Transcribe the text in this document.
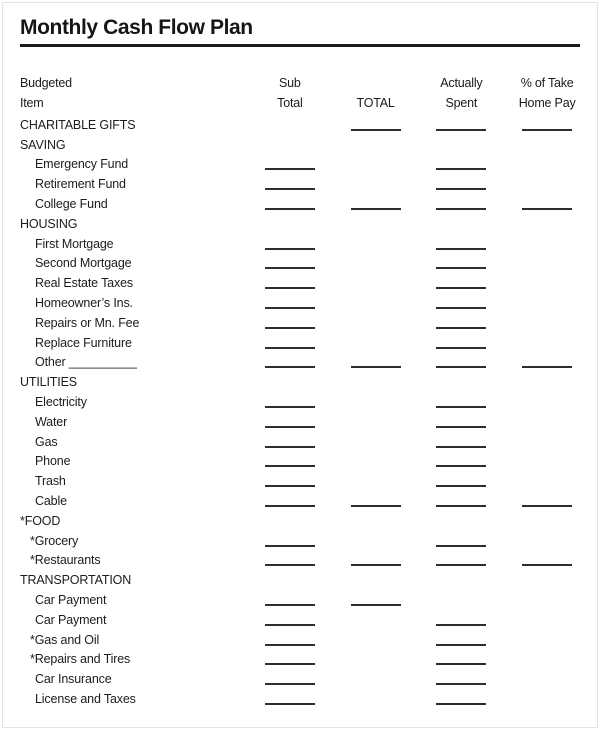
Monthly Cash Flow Plan
Budgeted
Item
Sub
Total	TOTAL
Actually
Spent
% of Take
Home Pay
CHARITABLE GIFTS
SAVING
Emergency Fund
Retirement Fund
College Fund
HOUSING
First Mortgage
Second Mortgage
Real Estate Taxes
Homeowner’s Ins.
Repairs or Mn. Fee
Replace Furniture
Other __________
UTILITIES
Electricity
Water
Gas
Phone
Trash
Cable
*FOOD
*Grocery
*Restaurants
TRANSPORTATION
Car Payment
Car Payment
*Gas and Oil
*Repairs and Tires
Car Insurance
License and Taxes
